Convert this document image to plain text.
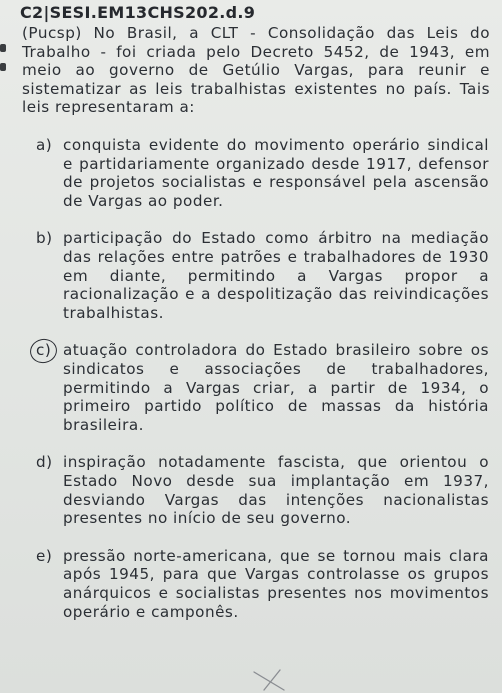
C2|SESI.EM13CHS202.d.9
(Pucsp) No Brasil, a CLT - Consolidação das Leis do Trabalho - foi criada pelo Decreto 5452, de 1943, em meio ao governo de Getúlio Vargas, para reunir e sistematizar as leis trabalhistas existentes no país. Tais leis representaram a:
a) conquista evidente do movimento operário sindical e partidariamente organizado desde 1917, defensor de projetos socialistas e responsável pela ascensão de Vargas ao poder.
b) participação do Estado como árbitro na mediação das relações entre patrões e trabalhadores de 1930 em diante, permitindo a Vargas propor a racionalização e a despolitização das reivindicações trabalhistas.
c) atuação controladora do Estado brasileiro sobre os sindicatos e associações de trabalhadores, permitindo a Vargas criar, a partir de 1934, o primeiro partido político de massas da história brasileira.
d) inspiração notadamente fascista, que orientou o Estado Novo desde sua implantação em 1937, desviando Vargas das intenções nacionalistas presentes no início de seu governo.
e) pressão norte-americana, que se tornou mais clara após 1945, para que Vargas controlasse os grupos anárquicos e socialistas presentes nos movimentos operário e camponês.
